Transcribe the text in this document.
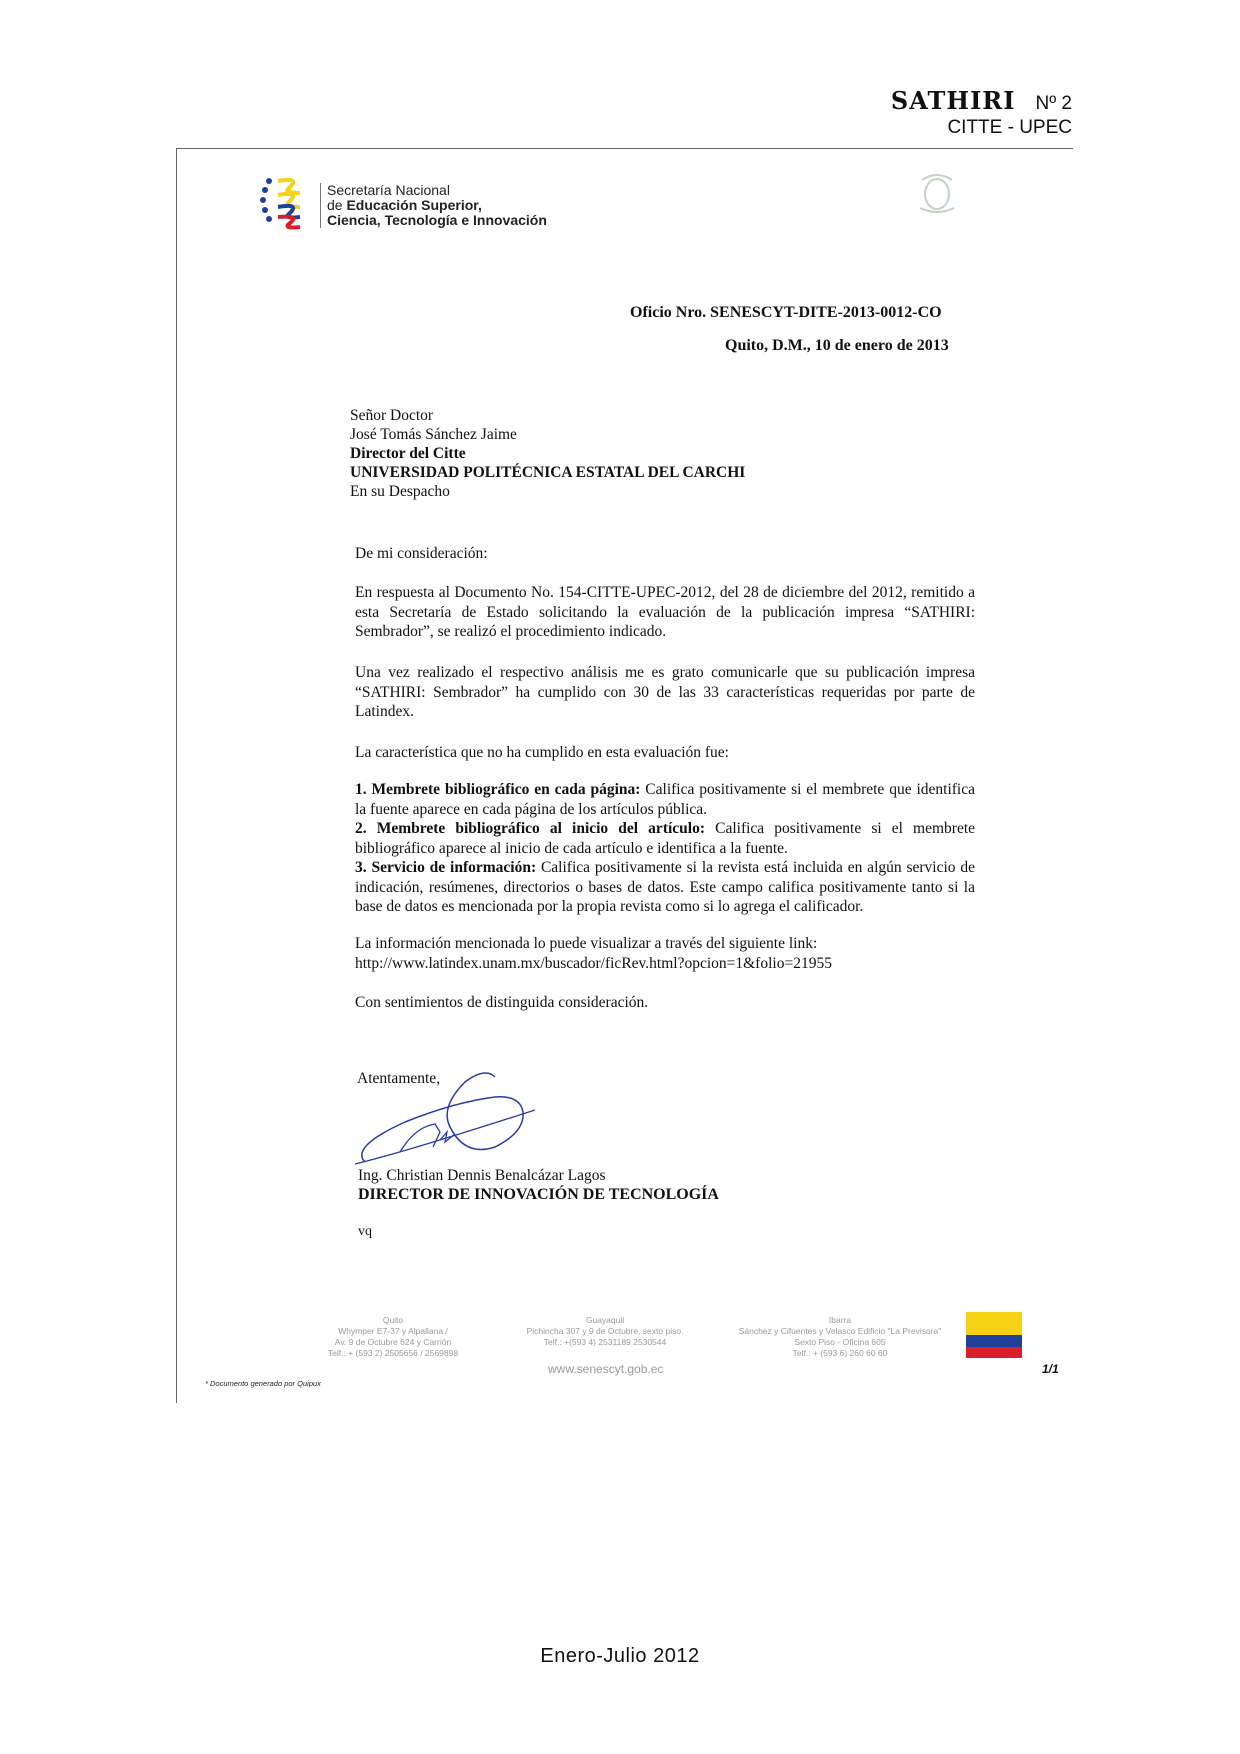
SATHIRI Nº 2
CITTE - UPEC
Secretaría Nacional
de Educación Superior,
Ciencia, Tecnología e Innovación
Oficio Nro. SENESCYT-DITE-2013-0012-CO
Quito, D.M., 10 de enero de 2013
Señor Doctor
José Tomás Sánchez Jaime
Director del Citte
UNIVERSIDAD POLITÉCNICA ESTATAL DEL CARCHI
En su Despacho
De mi consideración:
En respuesta al Documento No. 154-CITTE-UPEC-2012, del 28 de diciembre del 2012, remitido a esta Secretaría de Estado solicitando la evaluación de la publicación impresa “SATHIRI: Sembrador”, se realizó el procedimiento indicado.
Una vez realizado el respectivo análisis me es grato comunicarle que su publicación impresa “SATHIRI: Sembrador” ha cumplido con 30 de las 33 características requeridas por parte de Latindex.
La característica que no ha cumplido en esta evaluación fue:
1. Membrete bibliográfico en cada página: Califica positivamente si el membrete que identifica la fuente aparece en cada página de los artículos pública.
2. Membrete bibliográfico al inicio del artículo: Califica positivamente si el membrete bibliográfico aparece al inicio de cada artículo e identifica a la fuente.
3. Servicio de información: Califica positivamente si la revista está incluida en algún servicio de indicación, resúmenes, directorios o bases de datos. Este campo califica positivamente tanto si la base de datos es mencionada por la propia revista como si lo agrega el calificador.
La información mencionada lo puede visualizar a través del siguiente link:
http://www.latindex.unam.mx/buscador/ficRev.html?opcion=1&folio=21955
Con sentimientos de distinguida consideración.
Atentamente,
Ing. Christian Dennis Benalcázar Lagos
DIRECTOR DE INNOVACIÓN DE TECNOLOGÍA
vq
Quito
Whymper E7-37 y Alpallana /
Av. 9 de Octubre 624 y Carrión
Telf.: + (593 2) 2505656 / 2569898
Guayaquil
Pichincha 307 y 9 de Octubre, sexto piso.
Telf.: +(593 4) 2531189 2530544
Ibarra
Sánchez y Cifuentes y Velasco Edificio "La Previsora"
Sexto Piso - Oficina 605
Telf.: + (593 6) 260 60 60
www.senescyt.gob.ec	1/1
* Documento generado por Quipux
Enero-Julio 2012
